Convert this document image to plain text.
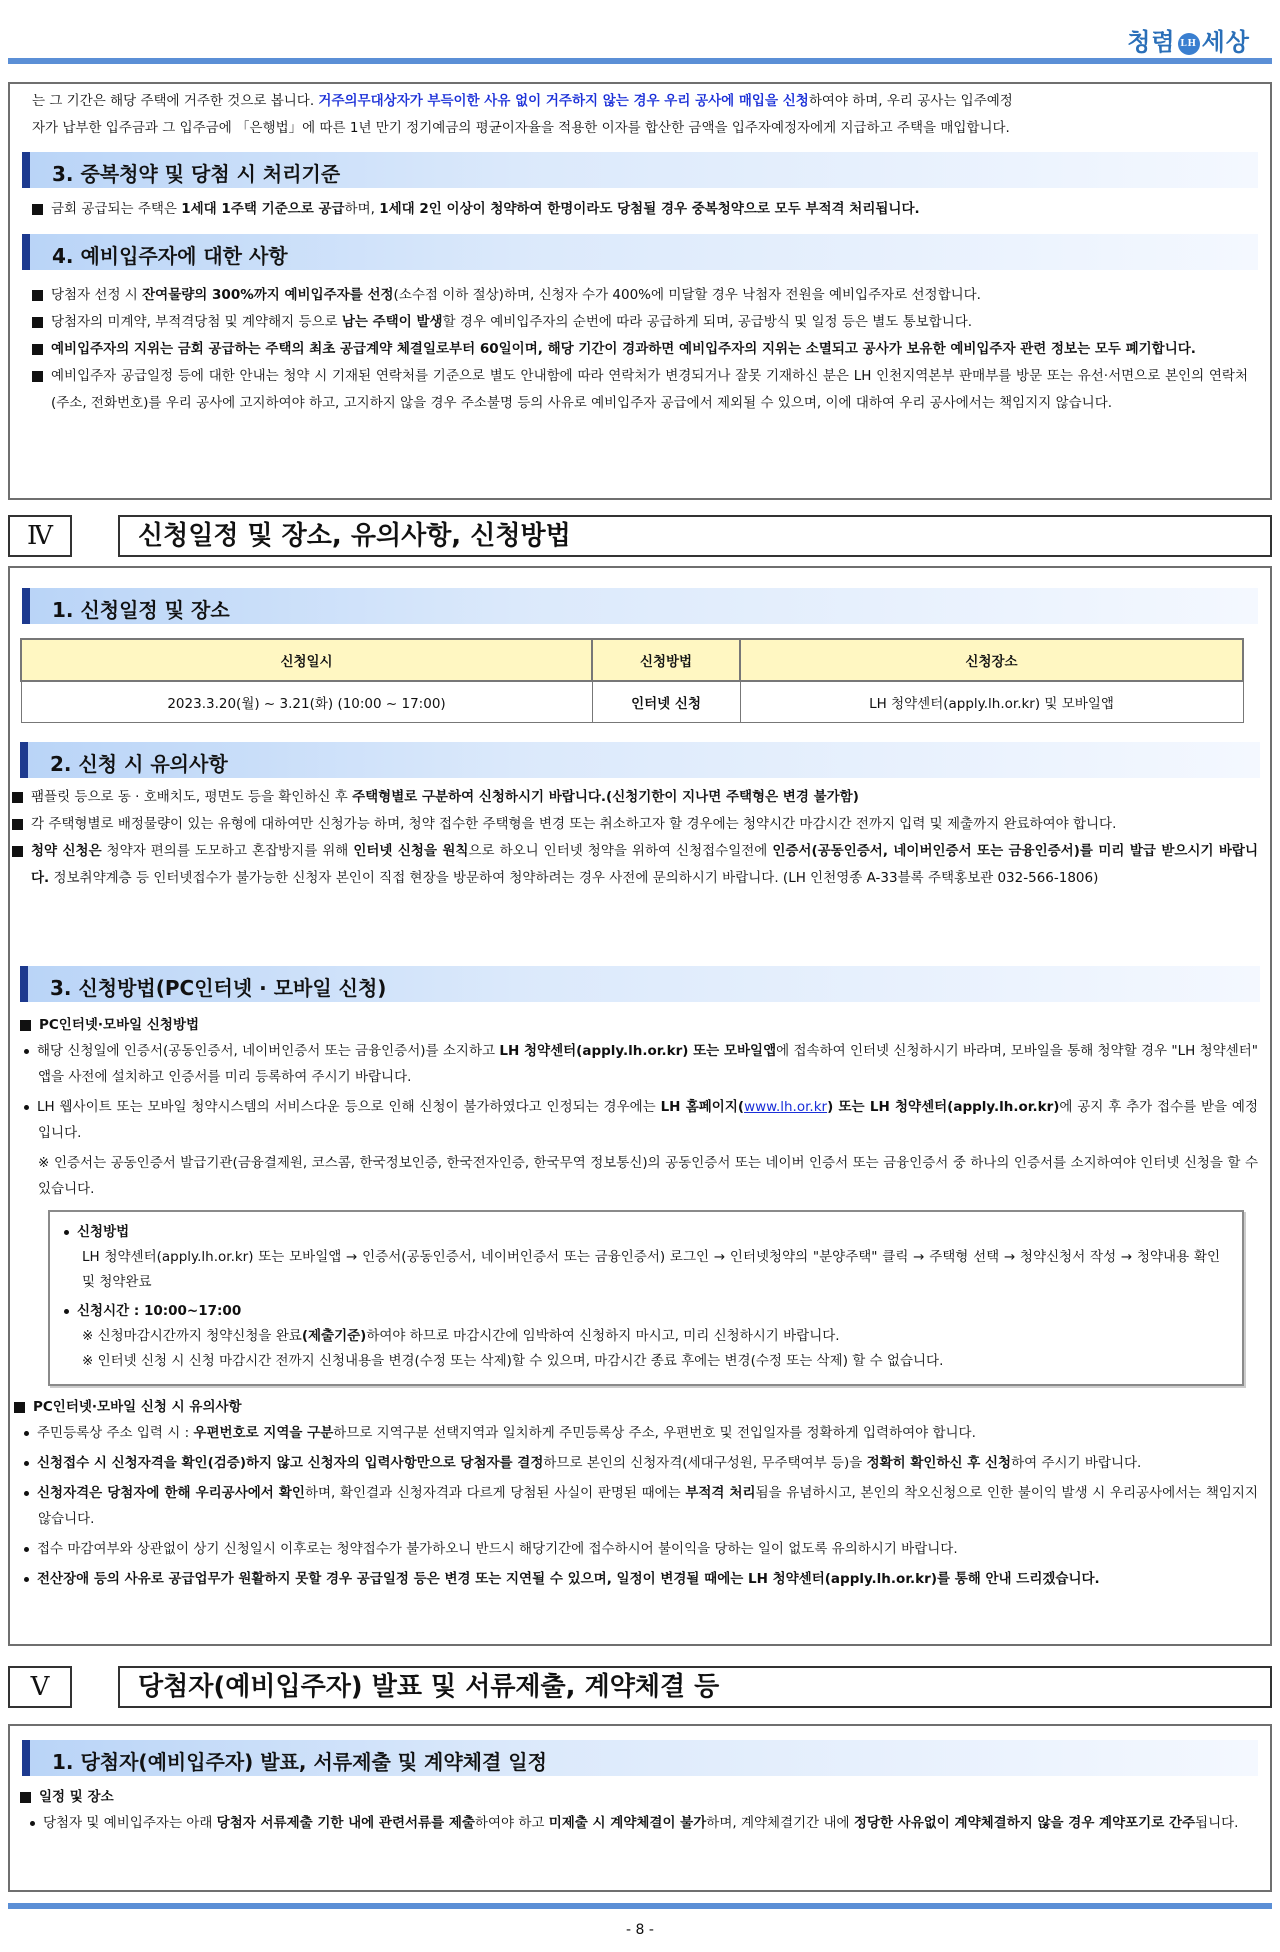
청렴 LH 세상
는 그 기간은 해당 주택에 거주한 것으로 봅니다. 거주의무대상자가 부득이한 사유 없이 거주하지 않는 경우 우리 공사에 매입을 신청하여야 하며, 우리 공사는 입주예정
자가 납부한 입주금과 그 입주금에 「은행법」에 따른 1년 만기 정기예금의 평균이자율을 적용한 이자를 합산한 금액을 입주자예정자에게 지급하고 주택을 매입합니다.
3. 중복청약 및 당첨 시 처리기준
금회 공급되는 주택은 1세대 1주택 기준으로 공급하며, 1세대 2인 이상이 청약하여 한명이라도 당첨될 경우 중복청약으로 모두 부적격 처리됩니다.
4. 예비입주자에 대한 사항
당첨자 선정 시 잔여물량의 300%까지 예비입주자를 선정(소수점 이하 절상)하며, 신청자 수가 400%에 미달할 경우 낙첨자 전원을 예비입주자로 선정합니다.
당첨자의 미계약, 부적격당첨 및 계약해지 등으로 남는 주택이 발생할 경우 예비입주자의 순번에 따라 공급하게 되며, 공급방식 및 일정 등은 별도 통보합니다.
예비입주자의 지위는 금회 공급하는 주택의 최초 공급계약 체결일로부터 60일이며, 해당 기간이 경과하면 예비입주자의 지위는 소멸되고 공사가 보유한 예비입주자 관련 정보는 모두 폐기합니다.
예비입주자 공급일정 등에 대한 안내는 청약 시 기재된 연락처를 기준으로 별도 안내함에 따라 연락처가 변경되거나 잘못 기재하신 분은 LH 인천지역본부 판매부를 방문 또는 유선·서면으로 본인의 연락처(주소, 전화번호)를 우리 공사에 고지하여야 하고, 고지하지 않을 경우 주소불명 등의 사유로 예비입주자 공급에서 제외될 수 있으며, 이에 대하여 우리 공사에서는 책임지지 않습니다.
Ⅳ	신청일정 및 장소, 유의사항, 신청방법
1. 신청일정 및 장소
신청일시	신청방법	신청장소
2023.3.20(월) ~ 3.21(화) (10:00 ~ 17:00)	인터넷 신청	LH 청약센터(apply.lh.or.kr) 및 모바일앱
2. 신청 시 유의사항
팸플릿 등으로 동 · 호배치도, 평면도 등을 확인하신 후 주택형별로 구분하여 신청하시기 바랍니다.(신청기한이 지나면 주택형은 변경 불가함)
각 주택형별로 배정물량이 있는 유형에 대하여만 신청가능 하며, 청약 접수한 주택형을 변경 또는 취소하고자 할 경우에는 청약시간 마감시간 전까지 입력 및 제출까지 완료하여야 합니다.
청약 신청은 청약자 편의를 도모하고 혼잡방지를 위해 인터넷 신청을 원칙으로 하오니 인터넷 청약을 위하여 신청접수일전에 인증서(공동인증서, 네이버인증서 또는 금융인증서)를 미리 발급 받으시기 바랍니다. 정보취약계층 등 인터넷접수가 불가능한 신청자 본인이 직접 현장을 방문하여 청약하려는 경우 사전에 문의하시기 바랍니다. (LH 인천영종 A-33블록 주택홍보관 032-566-1806)
3. 신청방법(PC인터넷 · 모바일 신청)
PC인터넷·모바일 신청방법
해당 신청일에 인증서(공동인증서, 네이버인증서 또는 금융인증서)를 소지하고 LH 청약센터(apply.lh.or.kr) 또는 모바일앱에 접속하여 인터넷 신청하시기 바라며, 모바일을 통해 청약할 경우 "LH 청약센터" 앱을 사전에 설치하고 인증서를 미리 등록하여 주시기 바랍니다.
LH 웹사이트 또는 모바일 청약시스템의 서비스다운 등으로 인해 신청이 불가하였다고 인정되는 경우에는 LH 홈페이지(www.lh.or.kr) 또는 LH 청약센터(apply.lh.or.kr)에 공지 후 추가 접수를 받을 예정입니다.
※ 인증서는 공동인증서 발급기관(금융결제원, 코스콤, 한국정보인증, 한국전자인증, 한국무역 정보통신)의 공동인증서 또는 네이버 인증서 또는 금융인증서 중 하나의 인증서를 소지하여야 인터넷 신청을 할 수 있습니다.
신청방법
LH 청약센터(apply.lh.or.kr) 또는 모바일앱 → 인증서(공동인증서, 네이버인증서 또는 금융인증서) 로그인 → 인터넷청약의 "분양주택" 클릭 → 주택형 선택 → 청약신청서 작성 → 청약내용 확인 및 청약완료
신청시간 : 10:00~17:00
※ 신청마감시간까지 청약신청을 완료(제출기준)하여야 하므로 마감시간에 임박하여 신청하지 마시고, 미리 신청하시기 바랍니다.
※ 인터넷 신청 시 신청 마감시간 전까지 신청내용을 변경(수정 또는 삭제)할 수 있으며, 마감시간 종료 후에는 변경(수정 또는 삭제) 할 수 없습니다.
PC인터넷·모바일 신청 시 유의사항
주민등록상 주소 입력 시 : 우편번호로 지역을 구분하므로 지역구분 선택지역과 일치하게 주민등록상 주소, 우편번호 및 전입일자를 정확하게 입력하여야 합니다.
신청접수 시 신청자격을 확인(검증)하지 않고 신청자의 입력사항만으로 당첨자를 결정하므로 본인의 신청자격(세대구성원, 무주택여부 등)을 정확히 확인하신 후 신청하여 주시기 바랍니다.
신청자격은 당첨자에 한해 우리공사에서 확인하며, 확인결과 신청자격과 다르게 당첨된 사실이 판명된 때에는 부적격 처리됨을 유념하시고, 본인의 착오신청으로 인한 불이익 발생 시 우리공사에서는 책임지지 않습니다.
접수 마감여부와 상관없이 상기 신청일시 이후로는 청약접수가 불가하오니 반드시 해당기간에 접수하시어 불이익을 당하는 일이 없도록 유의하시기 바랍니다.
전산장애 등의 사유로 공급업무가 원활하지 못할 경우 공급일정 등은 변경 또는 지연될 수 있으며, 일정이 변경될 때에는 LH 청약센터(apply.lh.or.kr)를 통해 안내 드리겠습니다.
Ⅴ	당첨자(예비입주자) 발표 및 서류제출, 계약체결 등
1. 당첨자(예비입주자) 발표, 서류제출 및 계약체결 일정
일정 및 장소
당첨자 및 예비입주자는 아래 당첨자 서류제출 기한 내에 관련서류를 제출하여야 하고 미제출 시 계약체결이 불가하며, 계약체결기간 내에 정당한 사유없이 계약체결하지 않을 경우 계약포기로 간주됩니다.
- 8 -
